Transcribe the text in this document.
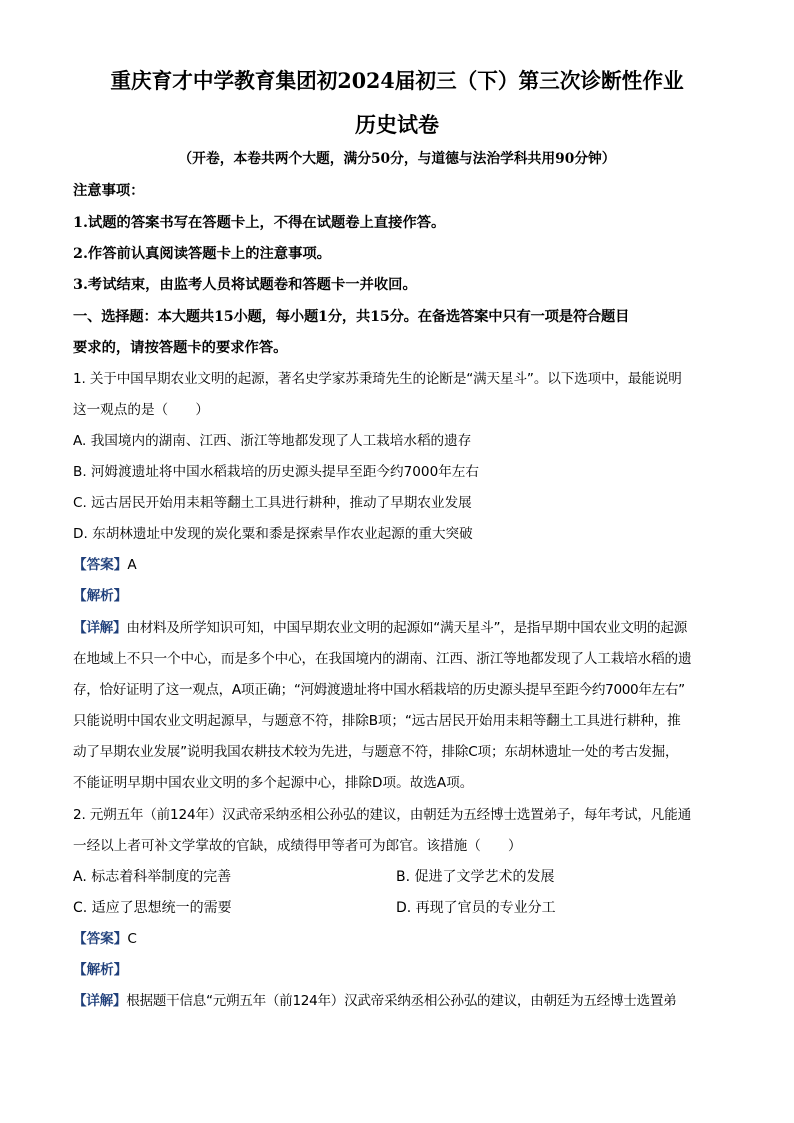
重庆育才中学教育集团初2024届初三（下）第三次诊断性作业
历史试卷
（开卷，本卷共两个大题，满分50分，与道德与法治学科共用90分钟）
注意事项：
1.试题的答案书写在答题卡上，不得在试题卷上直接作答。
2.作答前认真阅读答题卡上的注意事项。
3.考试结束，由监考人员将试题卷和答题卡一并收回。
一、选择题：本大题共15小题，每小题1分，共15分。在备选答案中只有一项是符合题目
要求的，请按答题卡的要求作答。
1. 关于中国早期农业文明的起源，著名史学家苏秉琦先生的论断是“满天星斗”。以下选项中，最能说明
这一观点的是（　　）
A. 我国境内的湖南、江西、浙江等地都发现了人工栽培水稻的遗存
B. 河姆渡遗址将中国水稻栽培的历史源头提早至距今约7000年左右
C. 远古居民开始用耒耜等翻土工具进行耕种，推动了早期农业发展
D. 东胡林遗址中发现的炭化粟和黍是探索旱作农业起源的重大突破
【答案】A
【解析】
【详解】由材料及所学知识可知，中国早期农业文明的起源如“满天星斗”，是指早期中国农业文明的起源
在地域上不只一个中心，而是多个中心，在我国境内的湖南、江西、浙江等地都发现了人工栽培水稻的遗
存，恰好证明了这一观点，A项正确；“河姆渡遗址将中国水稻栽培的历史源头提早至距今约7000年左右”
只能说明中国农业文明起源早，与题意不符，排除B项；“远古居民开始用耒耜等翻土工具进行耕种，推
动了早期农业发展”说明我国农耕技术较为先进，与题意不符，排除C项；东胡林遗址一处的考古发掘，
不能证明早期中国农业文明的多个起源中心，排除D项。故选A项。
2. 元朔五年（前124年）汉武帝采纳丞相公孙弘的建议，由朝廷为五经博士选置弟子，每年考试，凡能通
一经以上者可补文学掌故的官缺，成绩得甲等者可为郎官。该措施（　　）
A. 标志着科举制度的完善	B. 促进了文学艺术的发展
C. 适应了思想统一的需要	D. 再现了官员的专业分工
【答案】C
【解析】
【详解】根据题干信息“元朔五年（前124年）汉武帝采纳丞相公孙弘的建议，由朝廷为五经博士选置弟
